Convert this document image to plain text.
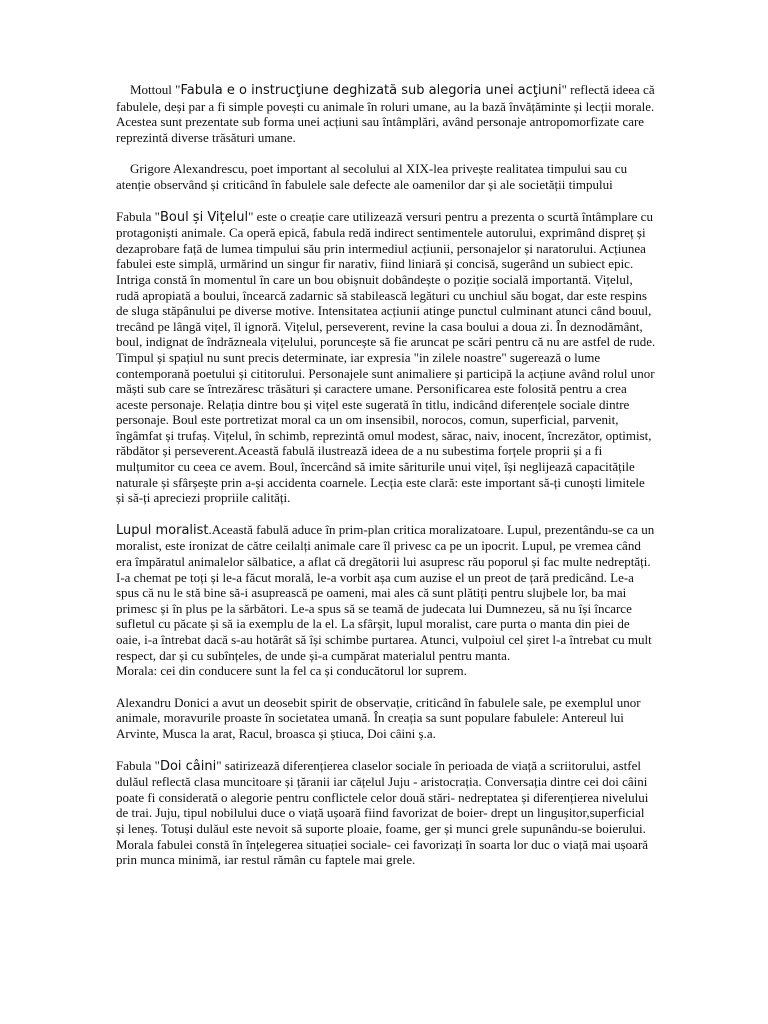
Mottoul "Fabula e o instrucţiune deghizată sub alegoria unei acţiuni" reflectă ideea că fabulele, deși par a fi simple povești cu animale în roluri umane, au la bază învățăminte și lecții morale. Acestea sunt prezentate sub forma unei acțiuni sau întâmplări, având personaje antropomorfizate care reprezintă diverse trăsături umane.

Grigore Alexandrescu, poet important al secolului al XIX-lea privește realitatea timpului sau cu atenție observând și criticând în fabulele sale defecte ale oamenilor dar și ale societății timpului

Fabula "Boul și Vițelul" este o creație care utilizează versuri pentru a prezenta o scurtă întâmplare cu protagoniști animale. Ca operă epică, fabula redă indirect sentimentele autorului, exprimând dispreț și dezaprobare față de lumea timpului său prin intermediul acțiunii, personajelor și naratorului. Acțiunea fabulei este simplă, urmărind un singur fir narativ, fiind liniară și concisă, sugerând un subiect epic. Intriga constă în momentul în care un bou obișnuit dobândește o poziție socială importantă. Vițelul, rudă apropiată a boului, încearcă zadarnic să stabilească legături cu unchiul său bogat, dar este respins de sluga stăpânului pe diverse motive. Intensitatea acțiunii atinge punctul culminant atunci când bouul, trecând pe lângă vițel, îl ignoră. Vițelul, perseverent, revine la casa boului a doua zi. În deznodământ, boul, indignat de îndrăzneala vițelului, poruncește să fie aruncat pe scări pentru că nu are astfel de rude. Timpul și spațiul nu sunt precis determinate, iar expresia "in zilele noastre" sugerează o lume contemporană poetului și cititorului. Personajele sunt animaliere și participă la acțiune având rolul unor măști sub care se întrezăresc trăsături și caractere umane. Personificarea este folosită pentru a crea aceste personaje. Relația dintre bou și vițel este sugerată în titlu, indicând diferențele sociale dintre personaje. Boul este portretizat moral ca un om insensibil, norocos, comun, superficial, parvenit, îngâmfat și trufaș. Vițelul, în schimb, reprezintă omul modest, sărac, naiv, inocent, încrezător, optimist, răbdător și perseverent.Această fabulă ilustrează ideea de a nu subestima forțele proprii și a fi mulțumitor cu ceea ce avem. Boul, încercând să imite săriturile unui vițel, își neglijează capacitățile naturale și sfârșește prin a-și accidenta coarnele. Lecția este clară: este important să-ți cunoști limitele și să-ți apreciezi propriile calități.

Lupul moralist.Această fabulă aduce în prim-plan critica moralizatoare. Lupul, prezentându-se ca un moralist, este ironizat de către ceilalți animale care îl privesc ca pe un ipocrit. Lupul, pe vremea când era împăratul animalelor sălbatice, a aflat că dregătorii lui asupresc rău poporul și fac multe nedreptăți. I-a chemat pe toți și le-a făcut morală, le-a vorbit așa cum auzise el un preot de țară predicând. Le-a spus că nu le stă bine să-i asuprească pe oameni, mai ales că sunt plătiți pentru slujbele lor, ba mai primesc și în plus pe la sărbători. Le-a spus să se teamă de judecata lui Dumnezeu, să nu își încarce sufletul cu păcate și să ia exemplu de la el. La sfârșit, lupul moralist, care purta o manta din piei de oaie, i-a întrebat dacă s-au hotărât să își schimbe purtarea. Atunci, vulpoiul cel șiret l-a întrebat cu mult respect, dar și cu subînțeles, de unde și-a cumpărat materialul pentru manta.

Morala: cei din conducere sunt la fel ca și conducătorul lor suprem.

Alexandru Donici a avut un deosebit spirit de observație, criticând în fabulele sale, pe exemplul unor animale, moravurile proaste în societatea umană. În creația sa sunt populare fabulele: Antereul lui Arvinte, Musca la arat, Racul, broasca și știuca, Doi câini ș.a.

Fabula "Doi câini" satirizează diferențierea claselor sociale în perioada de viață a scriitorului, astfel dulăul reflectă clasa muncitoare și țăranii iar cățelul Juju - aristocrația. Conversația dintre cei doi câini poate fi considerată o alegorie pentru conflictele celor două stări- nedreptatea și diferențierea nivelului de trai. Juju, tipul nobilului duce o viață ușoară fiind favorizat de boier- drept un lingușitor,superficial și leneș. Totuși dulăul este nevoit să suporte ploaie, foame, ger și munci grele supunându-se boierului. Morala fabulei constă în înțelegerea situației sociale- cei favorizați în soarta lor duc o viață mai ușoară prin munca minimă, iar restul rămân cu faptele mai grele.
